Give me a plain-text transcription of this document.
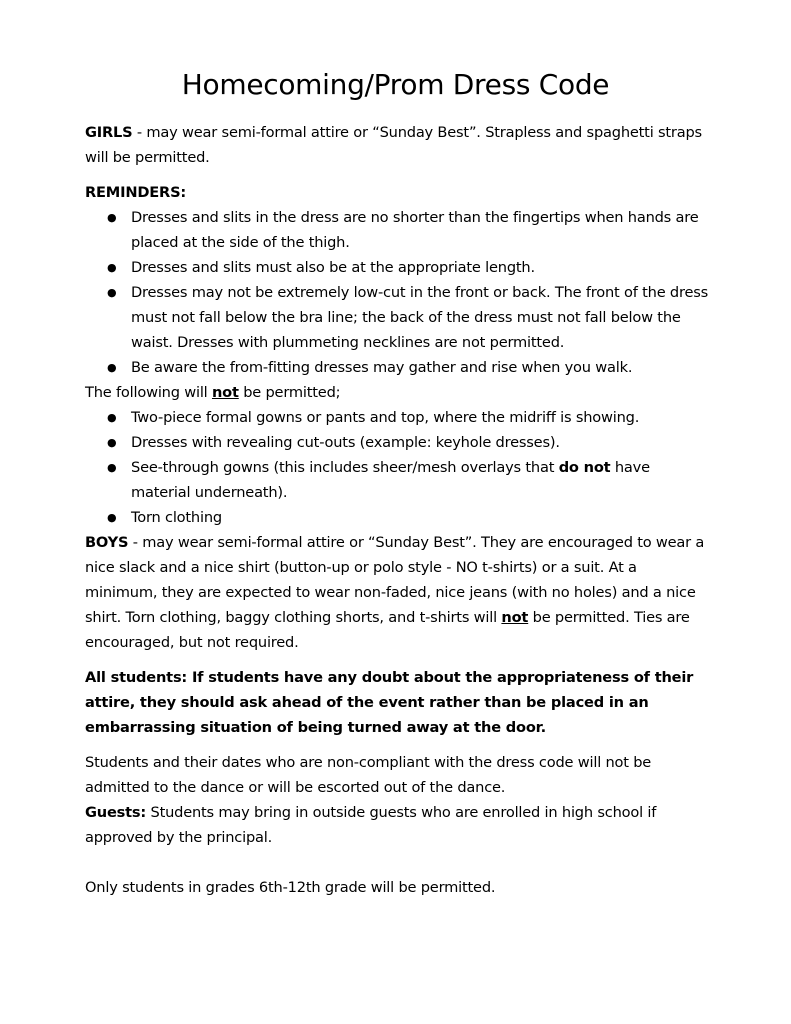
Homecoming/Prom Dress Code

GIRLS - may wear semi-formal attire or “Sunday Best”. Strapless and spaghetti straps will be permitted.

REMINDERS:

● Dresses and slits in the dress are no shorter than the fingertips when hands are placed at the side of the thigh.
● Dresses and slits must also be at the appropriate length.
● Dresses may not be extremely low-cut in the front or back. The front of the dress must not fall below the bra line; the back of the dress must not fall below the waist. Dresses with plummeting necklines are not permitted.
● Be aware the from-fitting dresses may gather and rise when you walk.

The following will not be permitted;

● Two-piece formal gowns or pants and top, where the midriff is showing.
● Dresses with revealing cut-outs (example: keyhole dresses).
● See-through gowns (this includes sheer/mesh overlays that do not have material underneath).
● Torn clothing

BOYS - may wear semi-formal attire or “Sunday Best”. They are encouraged to wear a nice slack and a nice shirt (button-up or polo style - NO t-shirts) or a suit. At a minimum, they are expected to wear non-faded, nice jeans (with no holes) and a nice shirt. Torn clothing, baggy clothing shorts, and t-shirts will not be permitted. Ties are encouraged, but not required.

All students: If students have any doubt about the appropriateness of their attire, they should ask ahead of the event rather than be placed in an embarrassing situation of being turned away at the door.

Students and their dates who are non-compliant with the dress code will not be admitted to the dance or will be escorted out of the dance.

Guests: Students may bring in outside guests who are enrolled in high school if approved by the principal.

Only students in grades 6th-12th grade will be permitted.
